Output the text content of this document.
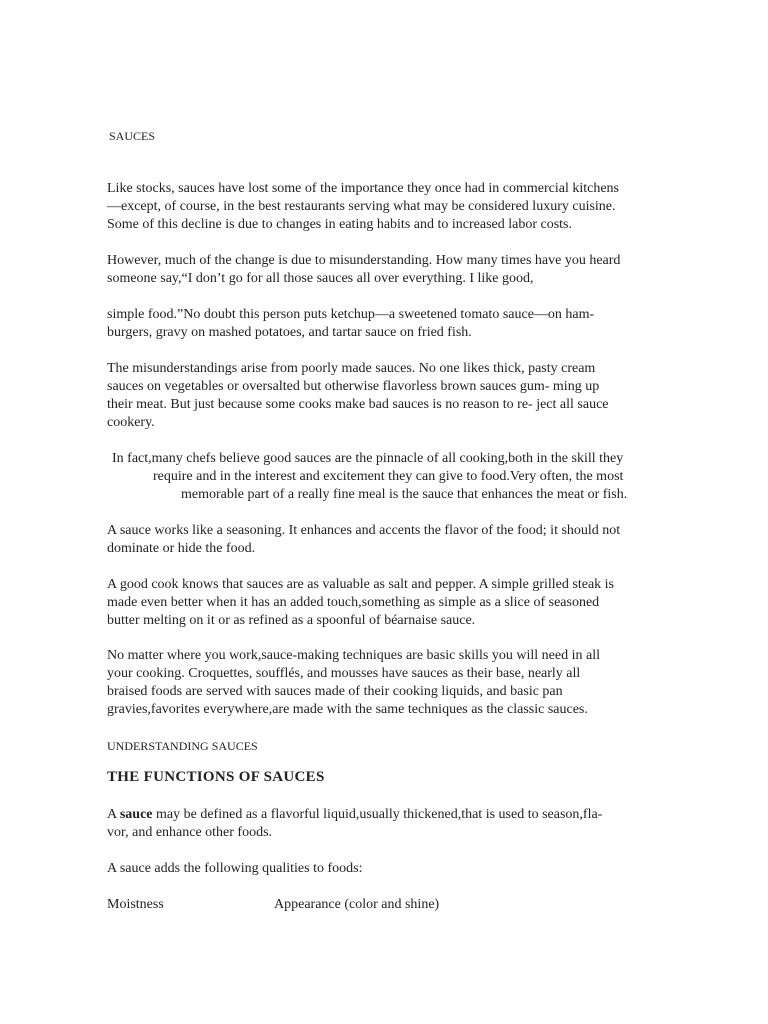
SAUCES
Like stocks, sauces have lost some of the importance they once had in commercial kitchens
—except, of course, in the best restaurants serving what may be considered luxury cuisine.
Some of this decline is due to changes in eating habits and to increased labor costs.
However, much of the change is due to misunderstanding. How many times have you heard
someone say,“I don’t go for all those sauces all over everything. I like good,
simple food.”No doubt this person puts ketchup—a sweetened tomato sauce—on ham-
burgers, gravy on mashed potatoes, and tartar sauce on fried fish.
The misunderstandings arise from poorly made sauces. No one likes thick, pasty cream
sauces on vegetables or oversalted but otherwise flavorless brown sauces gum- ming up
their meat. But just because some cooks make bad sauces is no reason to re- ject all sauce
cookery.
In fact,many chefs believe good sauces are the pinnacle of all cooking,both in the skill they
require and in the interest and excitement they can give to food.Very often, the most
memorable part of a really fine meal is the sauce that enhances the meat or fish.
A sauce works like a seasoning. It enhances and accents the flavor of the food; it should not
dominate or hide the food.
A good cook knows that sauces are as valuable as salt and pepper. A simple grilled steak is
made even better when it has an added touch,something as simple as a slice of seasoned
butter melting on it or as refined as a spoonful of béarnaise sauce.
No matter where you work,sauce-making techniques are basic skills you will need in all
your cooking. Croquettes, soufflés, and mousses have sauces as their base, nearly all
braised foods are served with sauces made of their cooking liquids, and basic pan
gravies,favorites everywhere,are made with the same techniques as the classic sauces.
UNDERSTANDING SAUCES
THE FUNCTIONS OF SAUCES
A sauce may be defined as a flavorful liquid,usually thickened,that is used to season,fla-
vor, and enhance other foods.
A sauce adds the following qualities to foods:
Moistness	Appearance (color and shine)
